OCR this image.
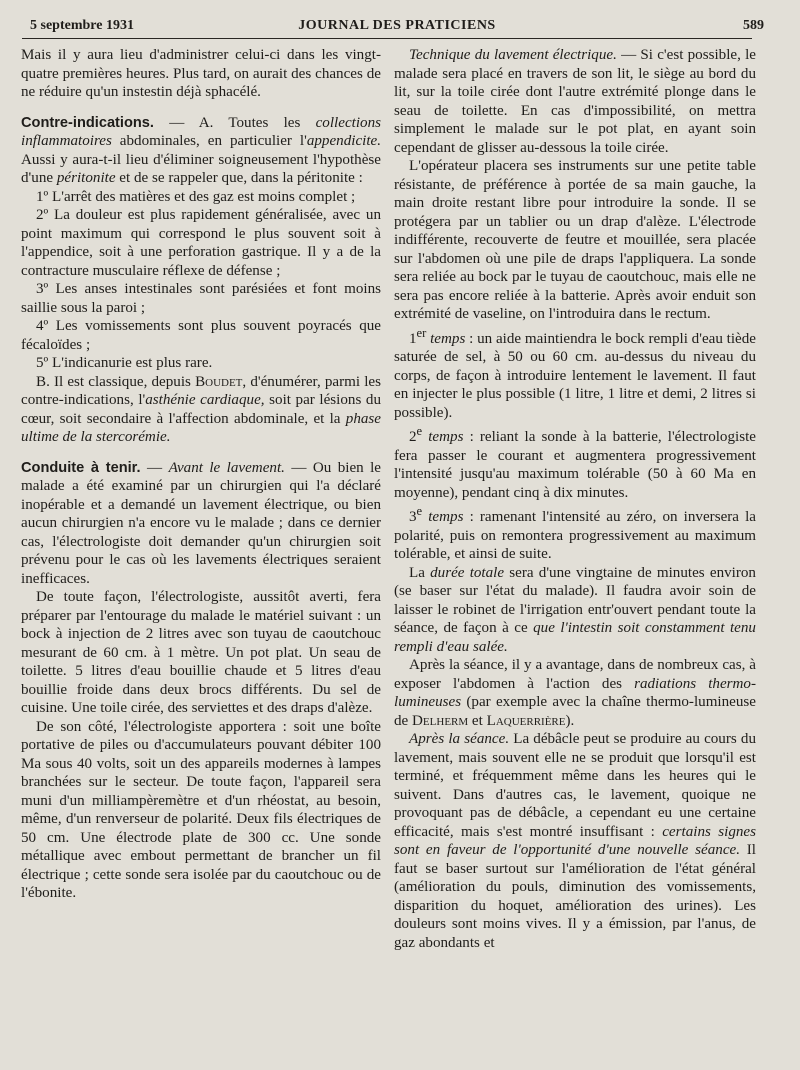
5 septembre 1931	JOURNAL DES PRATICIENS	589

Mais il y aura lieu d'administrer celui-ci dans les vingt-quatre premières heures. Plus tard, on aurait des chances de ne réduire qu'un instestin déjà sphacélé.

Contre-indications. — A. Toutes les collections inflammatoires abdominales, en particulier l'appendicite. Aussi y aura-t-il lieu d'éliminer soigneusement l'hypothèse d'une péritonite et de se rappeler que, dans la péritonite :

1º L'arrêt des matières et des gaz est moins complet ;

2º La douleur est plus rapidement généralisée, avec un point maximum qui correspond le plus souvent soit à l'appendice, soit à une perforation gastrique. Il y a de la contracture musculaire réflexe de défense ;

3º Les anses intestinales sont parésiées et font moins saillie sous la paroi ;

4º Les vomissements sont plus souvent poyracés que fécaloïdes ;

5º L'indicanurie est plus rare.

B. Il est classique, depuis Boudet, d'énumérer, parmi les contre-indications, l'asthénie cardiaque, soit par lésions du cœur, soit secondaire à l'affection abdominale, et la phase ultime de la stercorémie.

Conduite à tenir. — Avant le lavement. — Ou bien le malade a été examiné par un chirurgien qui l'a déclaré inopérable et a demandé un lavement électrique, ou bien aucun chirurgien n'a encore vu le malade ; dans ce dernier cas, l'électrologiste doit demander qu'un chirurgien soit prévenu pour le cas où les lavements électriques seraient inefficaces.

De toute façon, l'électrologiste, aussitôt averti, fera préparer par l'entourage du malade le matériel suivant : un bock à injection de 2 litres avec son tuyau de caoutchouc mesurant de 60 cm. à 1 mètre. Un pot plat. Un seau de toilette. 5 litres d'eau bouillie chaude et 5 litres d'eau bouillie froide dans deux brocs différents. Du sel de cuisine. Une toile cirée, des serviettes et des draps d'alèze.

De son côté, l'électrologiste apportera : soit une boîte portative de piles ou d'accumulateurs pouvant débiter 100 Ma sous 40 volts, soit un des appareils modernes à lampes branchées sur le secteur. De toute façon, l'appareil sera muni d'un milliampèremètre et d'un rhéostat, au besoin, même, d'un renverseur de polarité. Deux fils électriques de 50 cm. Une électrode plate de 300 cc. Une sonde métallique avec embout permettant de brancher un fil électrique ; cette sonde sera isolée par du caoutchouc ou de l'ébonite.

Technique du lavement électrique. — Si c'est possible, le malade sera placé en travers de son lit, le siège au bord du lit, sur la toile cirée dont l'autre extrémité plonge dans le seau de toilette. En cas d'impossibilité, on mettra simplement le malade sur le pot plat, en ayant soin cependant de glisser au-dessous la toile cirée.

L'opérateur placera ses instruments sur une petite table résistante, de préférence à portée de sa main gauche, la main droite restant libre pour introduire la sonde. Il se protégera par un tablier ou un drap d'alèze. L'électrode indifférente, recouverte de feutre et mouillée, sera placée sur l'abdomen où une pile de draps l'appliquera. La sonde sera reliée au bock par le tuyau de caoutchouc, mais elle ne sera pas encore reliée à la batterie. Après avoir enduit son extrémité de vaseline, on l'introduira dans le rectum.

1er temps : un aide maintiendra le bock rempli d'eau tiède saturée de sel, à 50 ou 60 cm. au-dessus du niveau du corps, de façon à introduire lentement le lavement. Il faut en injecter le plus possible (1 litre, 1 litre et demi, 2 litres si possible).

2e temps : reliant la sonde à la batterie, l'électrologiste fera passer le courant et augmentera progressivement l'intensité jusqu'au maximum tolérable (50 à 60 Ma en moyenne), pendant cinq à dix minutes.

3e temps : ramenant l'intensité au zéro, on inversera la polarité, puis on remontera progressivement au maximum tolérable, et ainsi de suite.

La durée totale sera d'une vingtaine de minutes environ (se baser sur l'état du malade). Il faudra avoir soin de laisser le robinet de l'irrigation entr'ouvert pendant toute la séance, de façon à ce que l'intestin soit constamment tenu rempli d'eau salée.

Après la séance, il y a avantage, dans de nombreux cas, à exposer l'abdomen à l'action des radiations thermo-lumineuses (par exemple avec la chaîne thermo-lumineuse de Delherm et Laquerrière).

Après la séance. La débâcle peut se produire au cours du lavement, mais souvent elle ne se produit que lorsqu'il est terminé, et fréquemment même dans les heures qui le suivent. Dans d'autres cas, le lavement, quoique ne provoquant pas de débâcle, a cependant eu une certaine efficacité, mais s'est montré insuffisant : certains signes sont en faveur de l'opportunité d'une nouvelle séance. Il faut se baser surtout sur l'amélioration de l'état général (amélioration du pouls, diminution des vomissements, disparition du hoquet, amélioration des urines). Les douleurs sont moins vives. Il y a émission, par l'anus, de gaz abondants et
